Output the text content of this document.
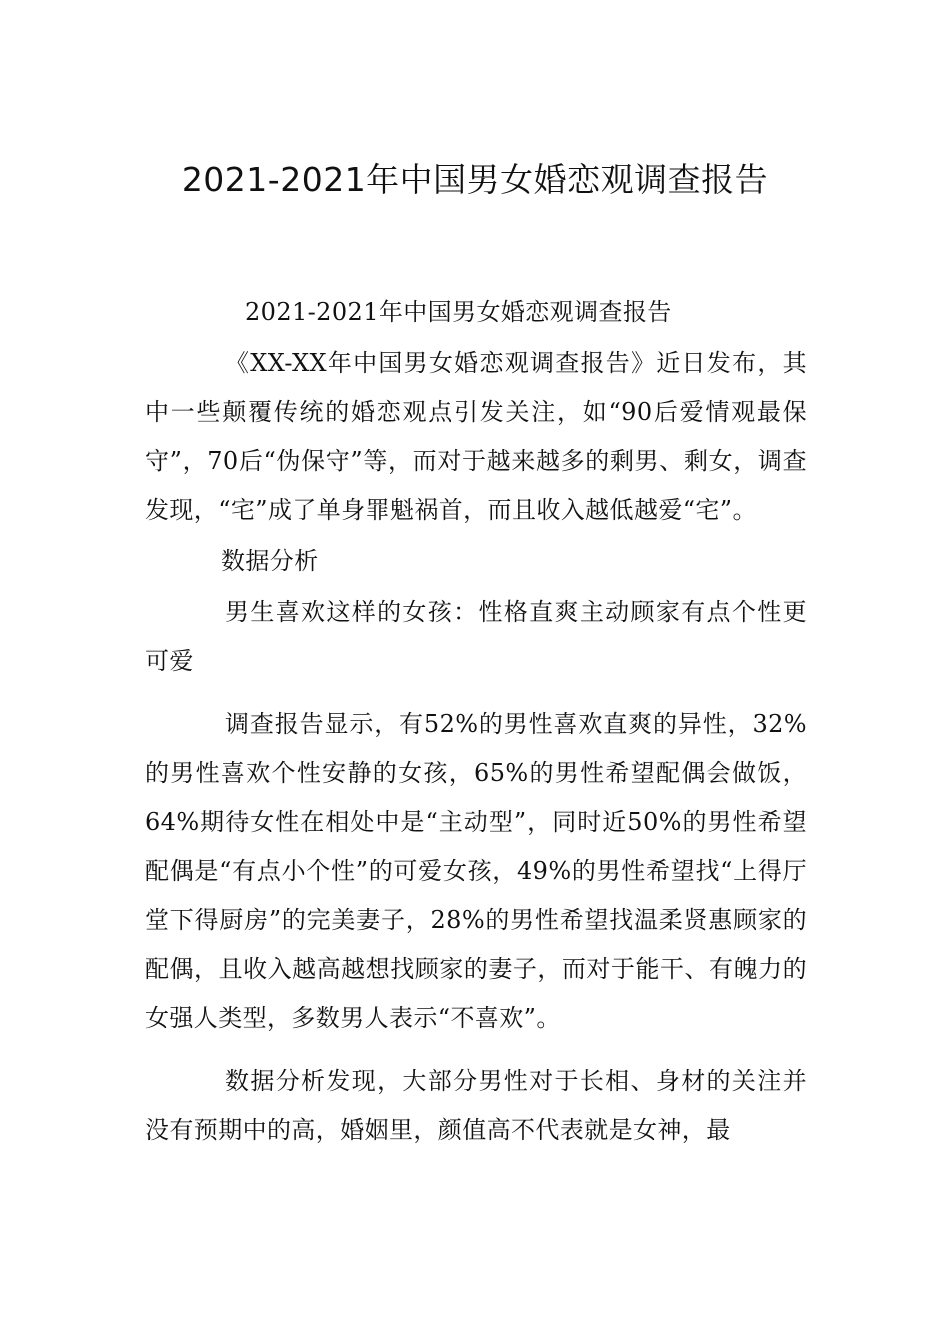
2021-2021年中国男女婚恋观调查报告

2021-2021年中国男女婚恋观调查报告

《XX-XX年中国男女婚恋观调查报告》近日发布，其中一些颠覆传统的婚恋观点引发关注，如“90后爱情观最保守”，70后“伪保守”等，而对于越来越多的剩男、剩女，调查发现，“宅”成了单身罪魁祸首，而且收入越低越爱“宅”。

数据分析

男生喜欢这样的女孩：性格直爽主动顾家有点个性更可爱

调查报告显示，有52%的男性喜欢直爽的异性，32%的男性喜欢个性安静的女孩，65%的男性希望配偶会做饭，64%期待女性在相处中是“主动型”，同时近50%的男性希望配偶是“有点小个性”的可爱女孩，49%的男性希望找“上得厅堂下得厨房”的完美妻子，28%的男性希望找温柔贤惠顾家的配偶，且收入越高越想找顾家的妻子，而对于能干、有魄力的女强人类型，多数男人表示“不喜欢”。

数据分析发现，大部分男性对于长相、身材的关注并没有预期中的高，婚姻里，颜值高不代表就是女神，最
